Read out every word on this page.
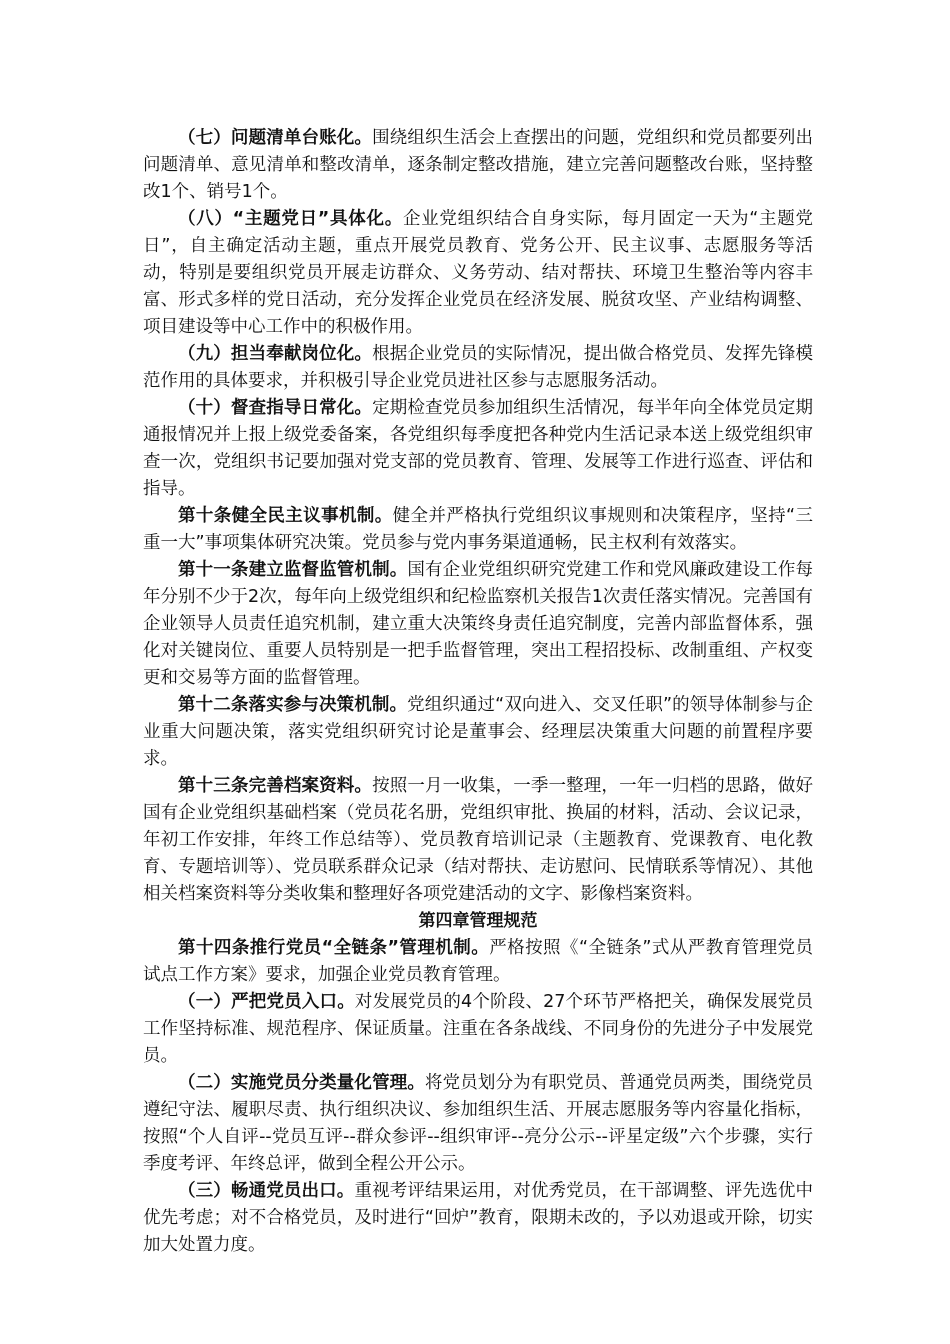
（七）问题清单台账化。围绕组织生活会上查摆出的问题，党组织和党员都要列出问题清单、意见清单和整改清单，逐条制定整改措施，建立完善问题整改台账，坚持整改1个、销号1个。

（八）“主题党日”具体化。企业党组织结合自身实际，每月固定一天为“主题党日”，自主确定活动主题，重点开展党员教育、党务公开、民主议事、志愿服务等活动，特别是要组织党员开展走访群众、义务劳动、结对帮扶、环境卫生整治等内容丰富、形式多样的党日活动，充分发挥企业党员在经济发展、脱贫攻坚、产业结构调整、项目建设等中心工作中的积极作用。

（九）担当奉献岗位化。根据企业党员的实际情况，提出做合格党员、发挥先锋模范作用的具体要求，并积极引导企业党员进社区参与志愿服务活动。

（十）督查指导日常化。定期检查党员参加组织生活情况，每半年向全体党员定期通报情况并上报上级党委备案，各党组织每季度把各种党内生活记录本送上级党组织审查一次，党组织书记要加强对党支部的党员教育、管理、发展等工作进行巡查、评估和指导。

第十条健全民主议事机制。健全并严格执行党组织议事规则和决策程序，坚持“三重一大”事项集体研究决策。党员参与党内事务渠道通畅，民主权利有效落实。

第十一条建立监督监管机制。国有企业党组织研究党建工作和党风廉政建设工作每年分别不少于2次，每年向上级党组织和纪检监察机关报告1次责任落实情况。完善国有企业领导人员责任追究机制，建立重大决策终身责任追究制度，完善内部监督体系，强化对关键岗位、重要人员特别是一把手监督管理，突出工程招投标、改制重组、产权变更和交易等方面的监督管理。

第十二条落实参与决策机制。党组织通过“双向进入、交叉任职”的领导体制参与企业重大问题决策，落实党组织研究讨论是董事会、经理层决策重大问题的前置程序要求。

第十三条完善档案资料。按照一月一收集，一季一整理，一年一归档的思路，做好国有企业党组织基础档案（党员花名册，党组织审批、换届的材料，活动、会议记录，年初工作安排，年终工作总结等）、党员教育培训记录（主题教育、党课教育、电化教育、专题培训等）、党员联系群众记录（结对帮扶、走访慰问、民情联系等情况）、其他相关档案资料等分类收集和整理好各项党建活动的文字、影像档案资料。

第四章管理规范

第十四条推行党员“全链条”管理机制。严格按照《“全链条”式从严教育管理党员试点工作方案》要求，加强企业党员教育管理。

（一）严把党员入口。对发展党员的4个阶段、27个环节严格把关，确保发展党员工作坚持标准、规范程序、保证质量。注重在各条战线、不同身份的先进分子中发展党员。

（二）实施党员分类量化管理。将党员划分为有职党员、普通党员两类，围绕党员遵纪守法、履职尽责、执行组织决议、参加组织生活、开展志愿服务等内容量化指标，按照“个人自评--党员互评--群众参评--组织审评--亮分公示--评星定级”六个步骤，实行季度考评、年终总评，做到全程公开公示。

（三）畅通党员出口。重视考评结果运用，对优秀党员，在干部调整、评先选优中优先考虑；对不合格党员，及时进行“回炉”教育，限期未改的，予以劝退或开除，切实加大处置力度。
